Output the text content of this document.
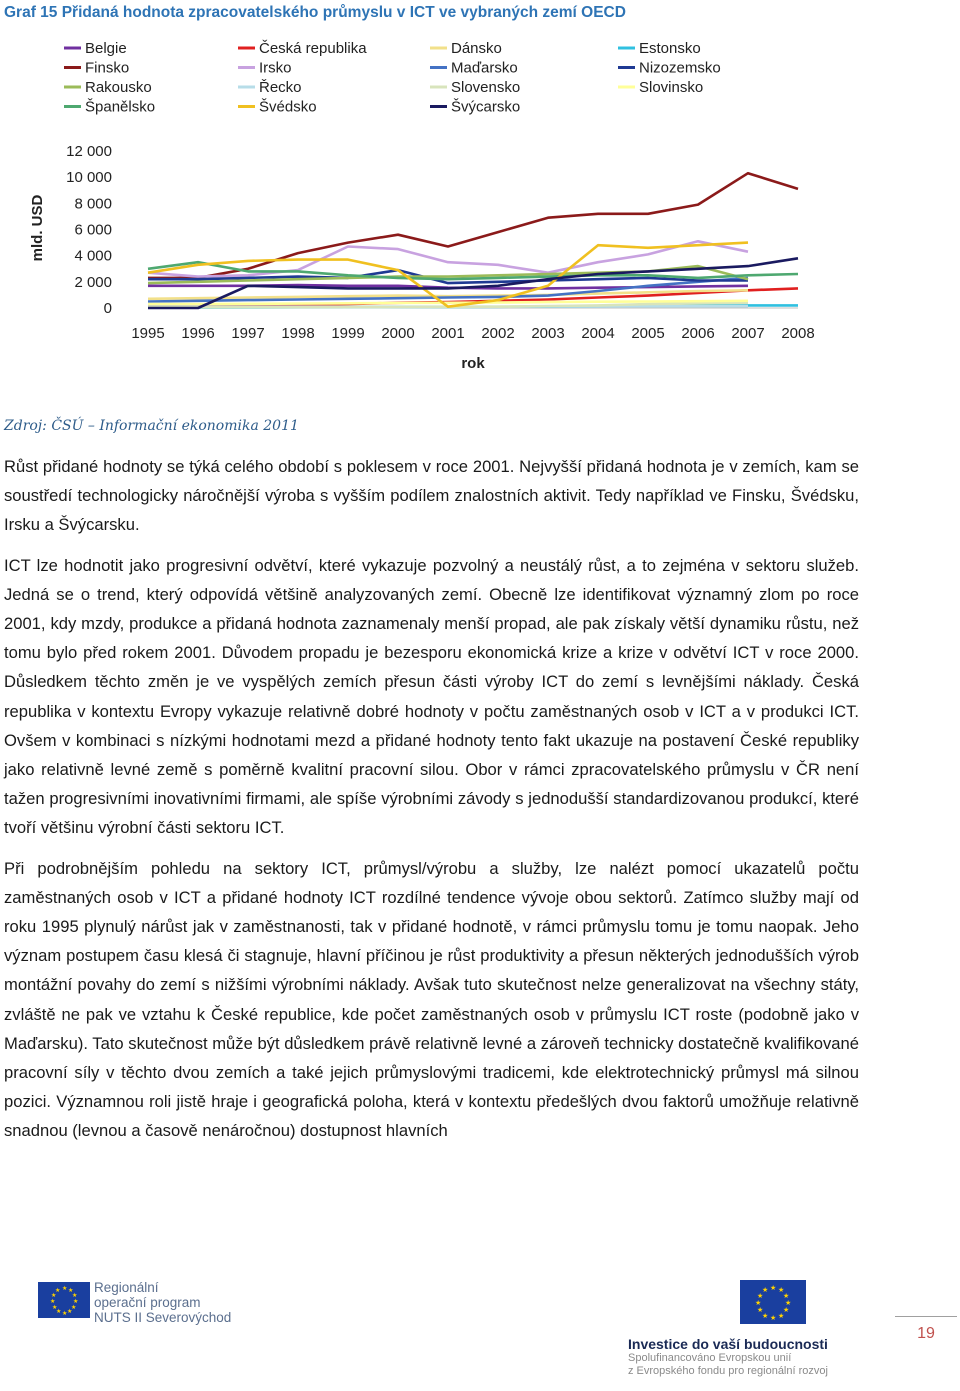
Graf 15 Přidaná hodnota zpracovatelského průmyslu v ICT ve vybraných zemí OECD
Belgie	Česká republika	Dánsko	Estonsko
Finsko	Irsko	Maďarsko	Nizozemsko
Rakousko	Řecko	Slovensko	Slovinsko
Španělsko	Švédsko	Švýcarsko
0
2 000
4 000
6 000
8 000
10 000
12 000
1995 1996 1997 1998 1999 2000 2001 2002 2003 2004 2005 2006 2007 2008
mld. USD
rok
Zdroj: ČSÚ – Informační ekonomika 2011

Růst přidané hodnoty se týká celého období s poklesem v roce 2001. Nejvyšší přidaná hodnota je v zemích, kam se soustředí technologicky náročnější výroba s vyšším podílem znalostních aktivit. Tedy například ve Finsku, Švédsku, Irsku a Švýcarsku.

ICT lze hodnotit jako progresivní odvětví, které vykazuje pozvolný a neustálý růst, a to zejména v sektoru služeb. Jedná se o trend, který odpovídá většině analyzovaných zemí. Obecně lze identifikovat významný zlom po roce 2001, kdy mzdy, produkce a přidaná hodnota zaznamenaly menší propad, ale pak získaly větší dynamiku růstu, než tomu bylo před rokem 2001. Důvodem propadu je bezesporu ekonomická krize a krize v odvětví ICT v roce 2000. Důsledkem těchto změn je ve vyspělých zemích přesun části výroby ICT do zemí s levnějšími náklady. Česká republika v kontextu Evropy vykazuje relativně dobré hodnoty v počtu zaměstnaných osob v ICT a v produkci ICT. Ovšem v kombinaci s nízkými hodnotami mezd a přidané hodnoty tento fakt ukazuje na postavení České republiky jako relativně levné země s poměrně kvalitní pracovní silou. Obor v rámci zpracovatelského průmyslu v ČR není tažen progresivními inovativními firmami, ale spíše výrobními závody s jednodušší standardizovanou produkcí, které tvoří většinu výrobní části sektoru ICT.

Při podrobnějším pohledu na sektory ICT, průmysl/výrobu a služby, lze nalézt pomocí ukazatelů počtu zaměstnaných osob v ICT a přidané hodnoty ICT rozdílné tendence vývoje obou sektorů. Zatímco služby mají od roku 1995 plynulý nárůst jak v zaměstnanosti, tak v přidané hodnotě, v rámci průmyslu tomu je tomu naopak. Jeho význam postupem času klesá či stagnuje, hlavní příčinou je růst produktivity a přesun některých jednodušších výrob montážní povahy do zemí s nižšími výrobními náklady. Avšak tuto skutečnost nelze generalizovat na všechny státy, zvláště ne pak ve vztahu k České republice, kde počet zaměstnaných osob v průmyslu ICT roste (podobně jako v Maďarsku). Tato skutečnost může být důsledkem právě relativně levné a zároveň technicky dostatečně kvalifikované pracovní síly v těchto dvou zemích a také jejich průmyslovými tradicemi, kde elektrotechnický průmysl má silnou pozici. Významnou roli jistě hraje i geografická poloha, která v kontextu předešlých dvou faktorů umožňuje relativně snadnou (levnou a časově nenáročnou) dostupnost hlavních

★ ★
★
★
★
★
★
★
★
★
★
★ Regionální
operační program
NUTS II Severovýchod
★ ★
★
★
★
★
★
★
★
★
★
★
Investice do vaší budoucnosti
Spolufinancováno Evropskou unií
z Evropského fondu pro regionální rozvoj
19
